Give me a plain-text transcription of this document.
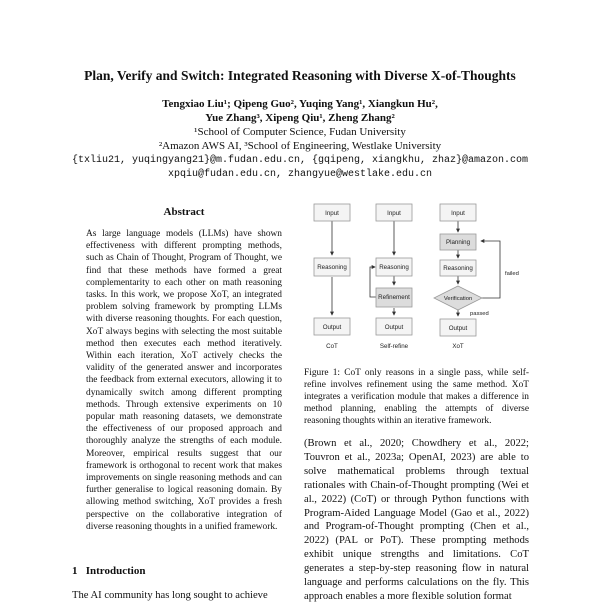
Plan, Verify and Switch: Integrated Reasoning with Diverse X-of-Thoughts
Tengxiao Liu¹; Qipeng Guo², Yuqing Yang¹, Xiangkun Hu²,
Yue Zhang³, Xipeng Qiu¹, Zheng Zhang²
¹School of Computer Science, Fudan University
²Amazon AWS AI, ³School of Engineering, Westlake University
{txliu21, yuqingyang21}@m.fudan.edu.cn, {gqipeng, xiangkhu, zhaz}@amazon.com
xpqiu@fudan.edu.cn, zhangyue@westlake.edu.cn
Abstract
As large language models (LLMs) have shown effectiveness with different prompting methods, such as Chain of Thought, Program of Thought, we find that these methods have formed a great complementarity to each other on math reasoning tasks. In this work, we propose XoT, an integrated problem solving framework by prompting LLMs with diverse reasoning thoughts. For each question, XoT always begins with selecting the most suitable method then executes each method iteratively. Within each iteration, XoT actively checks the validity of the generated answer and incorporates the feedback from external executors, allowing it to dynamically switch among different prompting methods. Through extensive experiments on 10 popular math reasoning datasets, we demonstrate the effectiveness of our proposed approach and thoroughly analyze the strengths of each module. Moreover, empirical results suggest that our framework is orthogonal to recent work that makes improvements on single reasoning methods and can further generalise to logical reasoning domain. By allowing method switching, XoT provides a fresh perspective on the collaborative integration of diverse reasoning thoughts in a unified framework.
1 Introduction
The AI community has long sought to achieve
Input
Reasoning
Output
CoT
Input
Reasoning
Refinement
Output
Self-refine
Input
Planning
Reasoning
Verification
failed
passed
Output
XoT
Figure 1: CoT only reasons in a single pass, while self-refine involves refinement using the same method. XoT integrates a verification module that makes a difference in method planning, enabling the attempts of diverse reasoning thoughts within an iterative framework.
(Brown et al., 2020; Chowdhery et al., 2022; Touvron et al., 2023a; OpenAI, 2023) are able to solve mathematical problems through textual rationales with Chain-of-Thought prompting (Wei et al., 2022) (CoT) or through Python functions with Program-Aided Language Model (Gao et al., 2022) and Program-of-Thought prompting (Chen et al., 2022) (PAL or PoT). These prompting methods exhibit unique strengths and limitations. CoT generates a step-by-step reasoning flow in natural language and performs calculations on the fly. This approach enables a more flexible solution format
